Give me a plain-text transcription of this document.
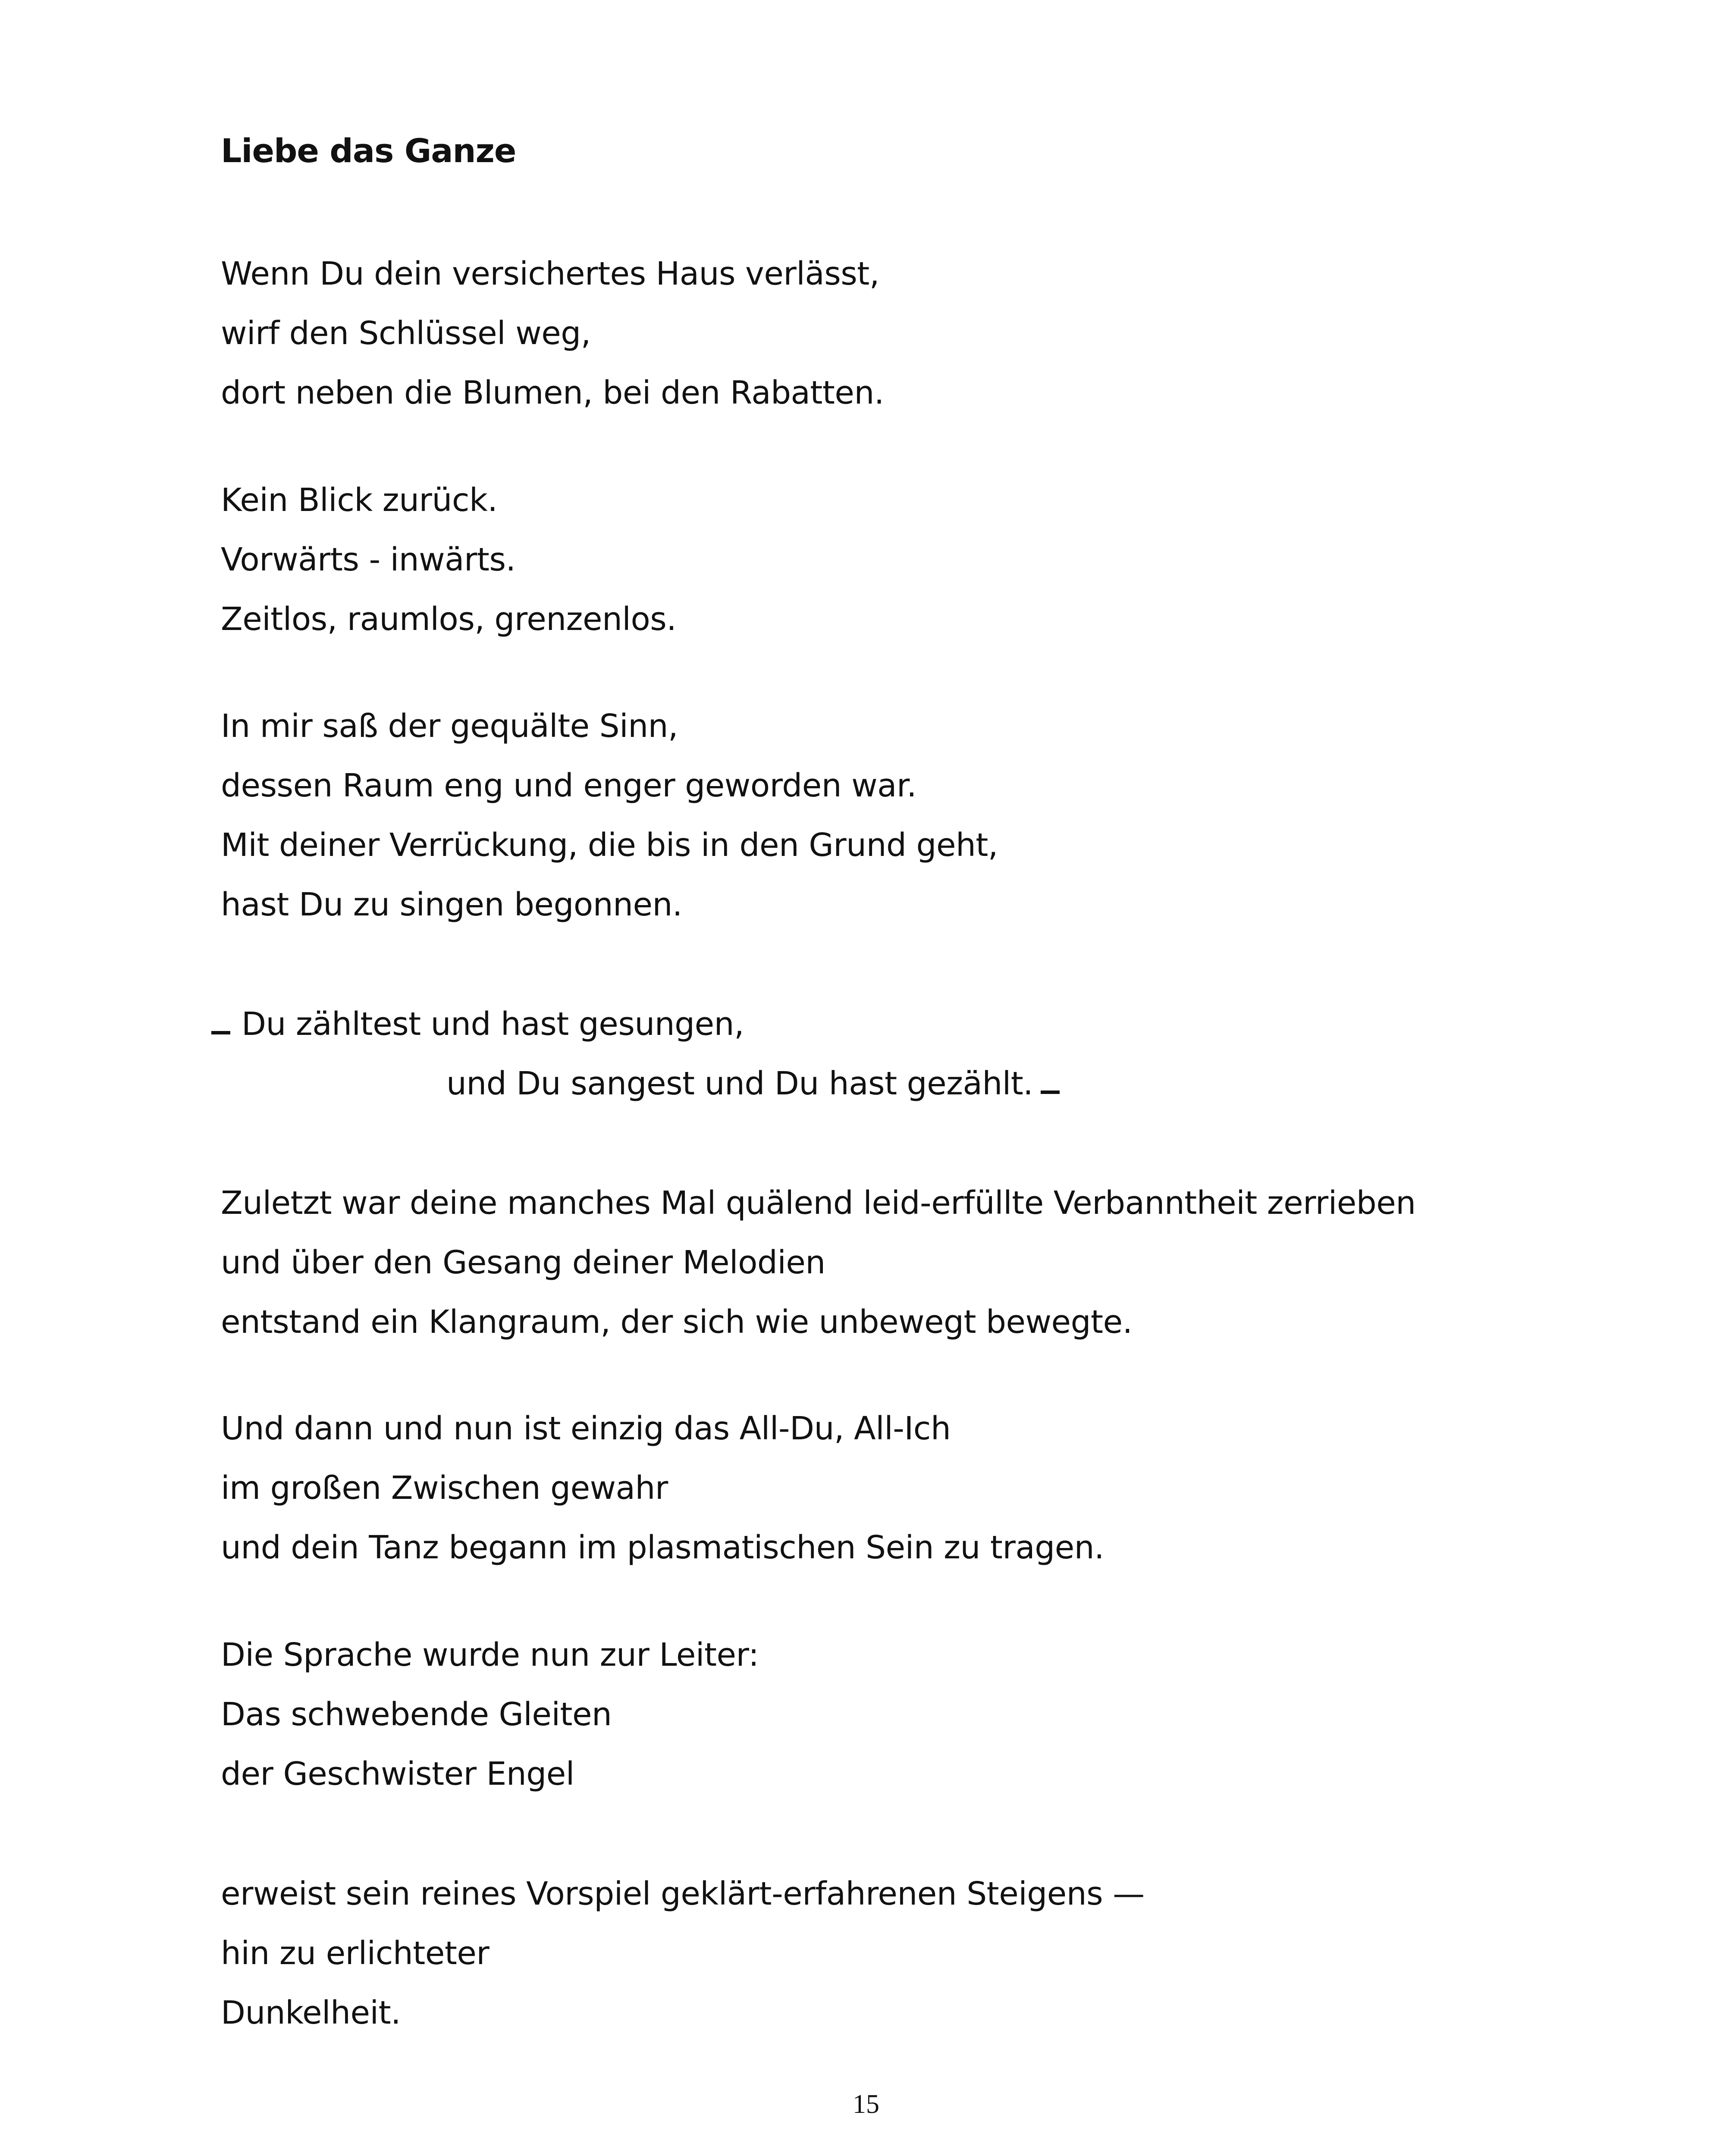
Liebe das Ganze
Wenn Du dein versichertes Haus verlässt,
wirf den Schlüssel weg,
dort neben die Blumen, bei den Rabatten.
Kein Blick zurück.
Vorwärts - inwärts.
Zeitlos, raumlos, grenzenlos.
In mir saß der gequälte Sinn,
dessen Raum eng und enger geworden war.
Mit deiner Verrückung, die bis in den Grund geht,
hast Du zu singen begonnen.
Du zähltest und hast gesungen,
und Du sangest und Du hast gezählt.
Zuletzt war deine manches Mal quälend leid-erfüllte Verbanntheit zerrieben
und über den Gesang deiner Melodien
entstand ein Klangraum, der sich wie unbewegt bewegte.
Und dann und nun ist einzig das All-Du, All-Ich
im großen Zwischen gewahr
und dein Tanz begann im plasmatischen Sein zu tragen.
Die Sprache wurde nun zur Leiter:
Das schwebende Gleiten
der Geschwister Engel
erweist sein reines Vorspiel geklärt-erfahrenen Steigens —
hin zu erlichteter
Dunkelheit.
15
